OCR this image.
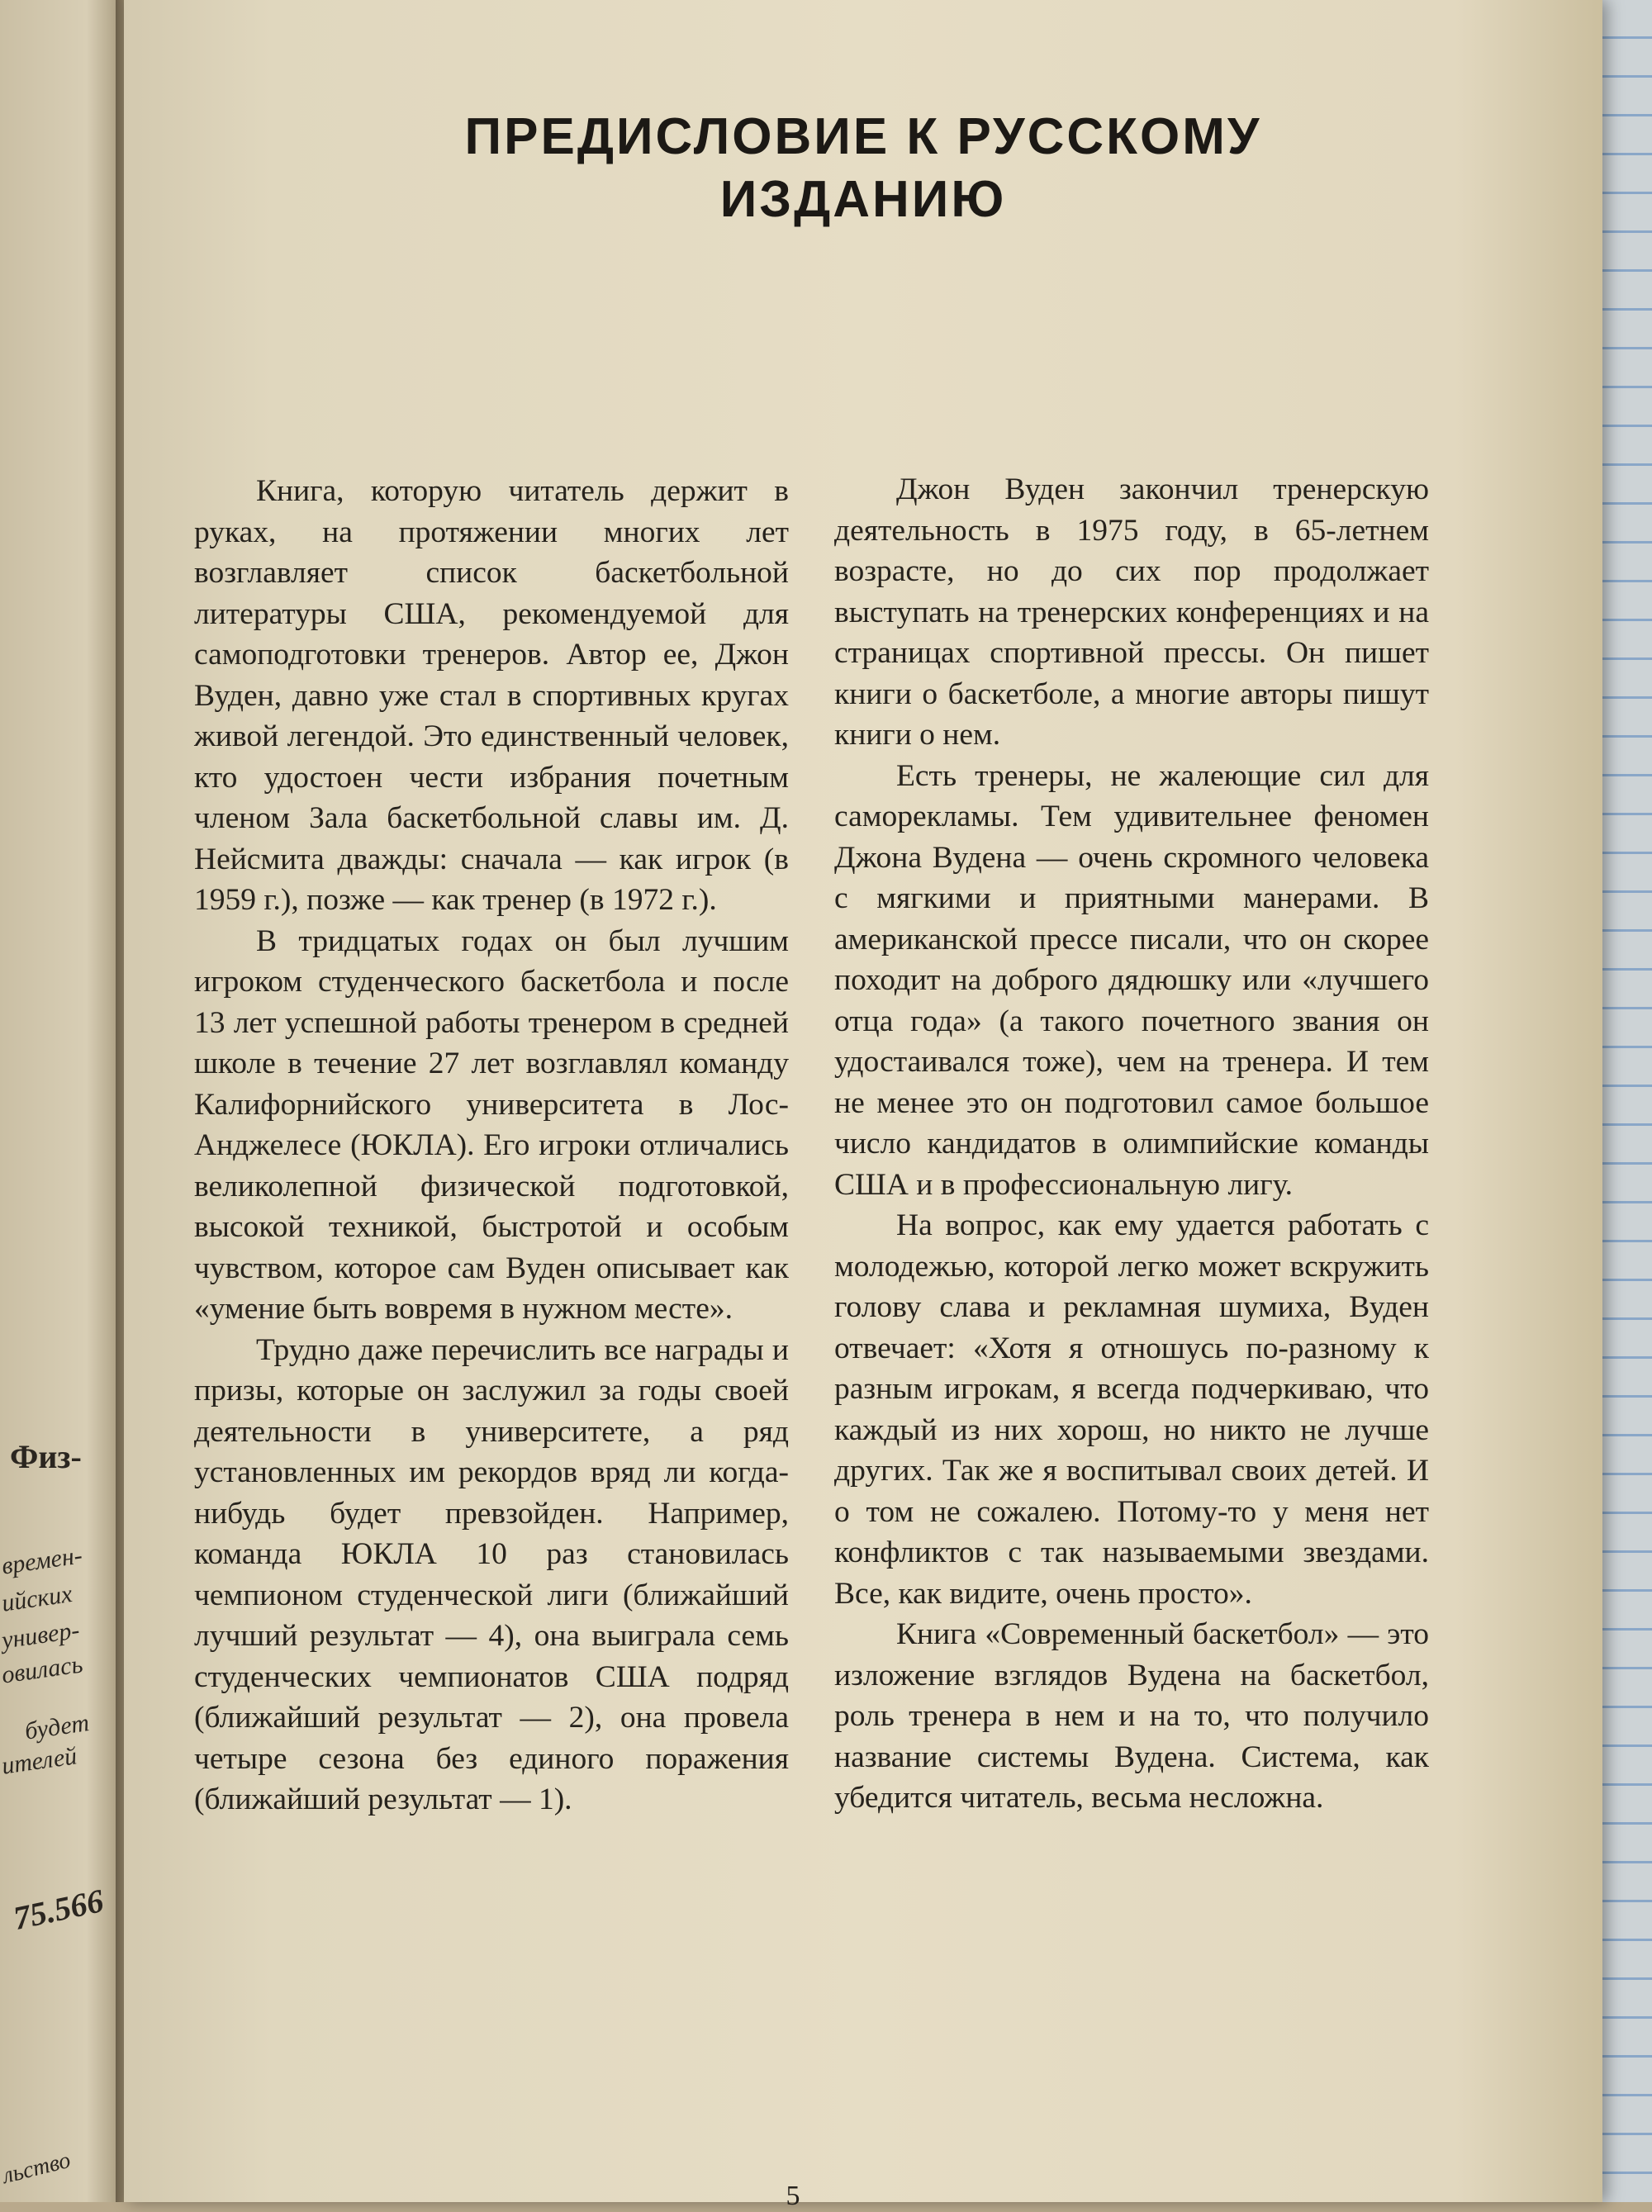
Физ-
времен-
ийских
универ-
овилась
будет
ителей
75.566
льство
ПРЕДИСЛОВИЕ К РУССКОМУ
ИЗДАНИЮ

Книга, которую читатель держит в руках, на протяжении многих лет возглавляет список баскетбольной литературы США, рекомендуемой для самоподготовки тренеров. Автор ее, Джон Вуден, давно уже стал в спортивных кругах живой легендой. Это единственный человек, кто удостоен чести избрания почетным членом Зала баскетбольной славы им. Д. Нейсмита дважды: сначала — как игрок (в 1959 г.), позже — как тренер (в 1972 г.).

В тридцатых годах он был лучшим игроком студенческого баскетбола и после 13 лет успешной работы тренером в средней школе в течение 27 лет возглавлял команду Калифорнийского университета в Лос-Анджелесе (ЮКЛА). Его игроки отличались великолепной физической подготовкой, высокой техникой, быстротой и особым чувством, которое сам Вуден описывает как «умение быть вовремя в нужном месте».

Трудно даже перечислить все награды и призы, которые он заслужил за годы своей деятельности в университете, а ряд установленных им рекордов вряд ли когда-нибудь будет превзойден. Например, команда ЮКЛА 10 раз становилась чемпионом студенческой лиги (ближайший лучший результат — 4), она выиграла семь студенческих чемпионатов США подряд (ближайший результат — 2), она провела четыре сезона без единого поражения (ближайший результат — 1).

Джон Вуден закончил тренерскую деятельность в 1975 году, в 65-летнем возрасте, но до сих пор продолжает выступать на тренерских конференциях и на страницах спортивной прессы. Он пишет книги о баскетболе, а многие авторы пишут книги о нем.

Есть тренеры, не жалеющие сил для саморекламы. Тем удивительнее феномен Джона Вудена — очень скромного человека с мягкими и приятными манерами. В американской прессе писали, что он скорее походит на доброго дядюшку или «лучшего отца года» (а такого почетного звания он удостаивался тоже), чем на тренера. И тем не менее это он подготовил самое большое число кандидатов в олимпийские команды США и в профессиональную лигу.

На вопрос, как ему удается работать с молодежью, которой легко может вскружить голову слава и рекламная шумиха, Вуден отвечает: «Хотя я отношусь по-разному к разным игрокам, я всегда подчеркиваю, что каждый из них хорош, но никто не лучше других. Так же я воспитывал своих детей. И о том не сожалею. Потому-то у меня нет конфликтов с так называемыми звездами. Все, как видите, очень просто».

Книга «Современный баскетбол» — это изложение взглядов Вудена на баскетбол, роль тренера в нем и на то, что получило название системы Вудена. Система, как убедится читатель, весьма несложна.

5
